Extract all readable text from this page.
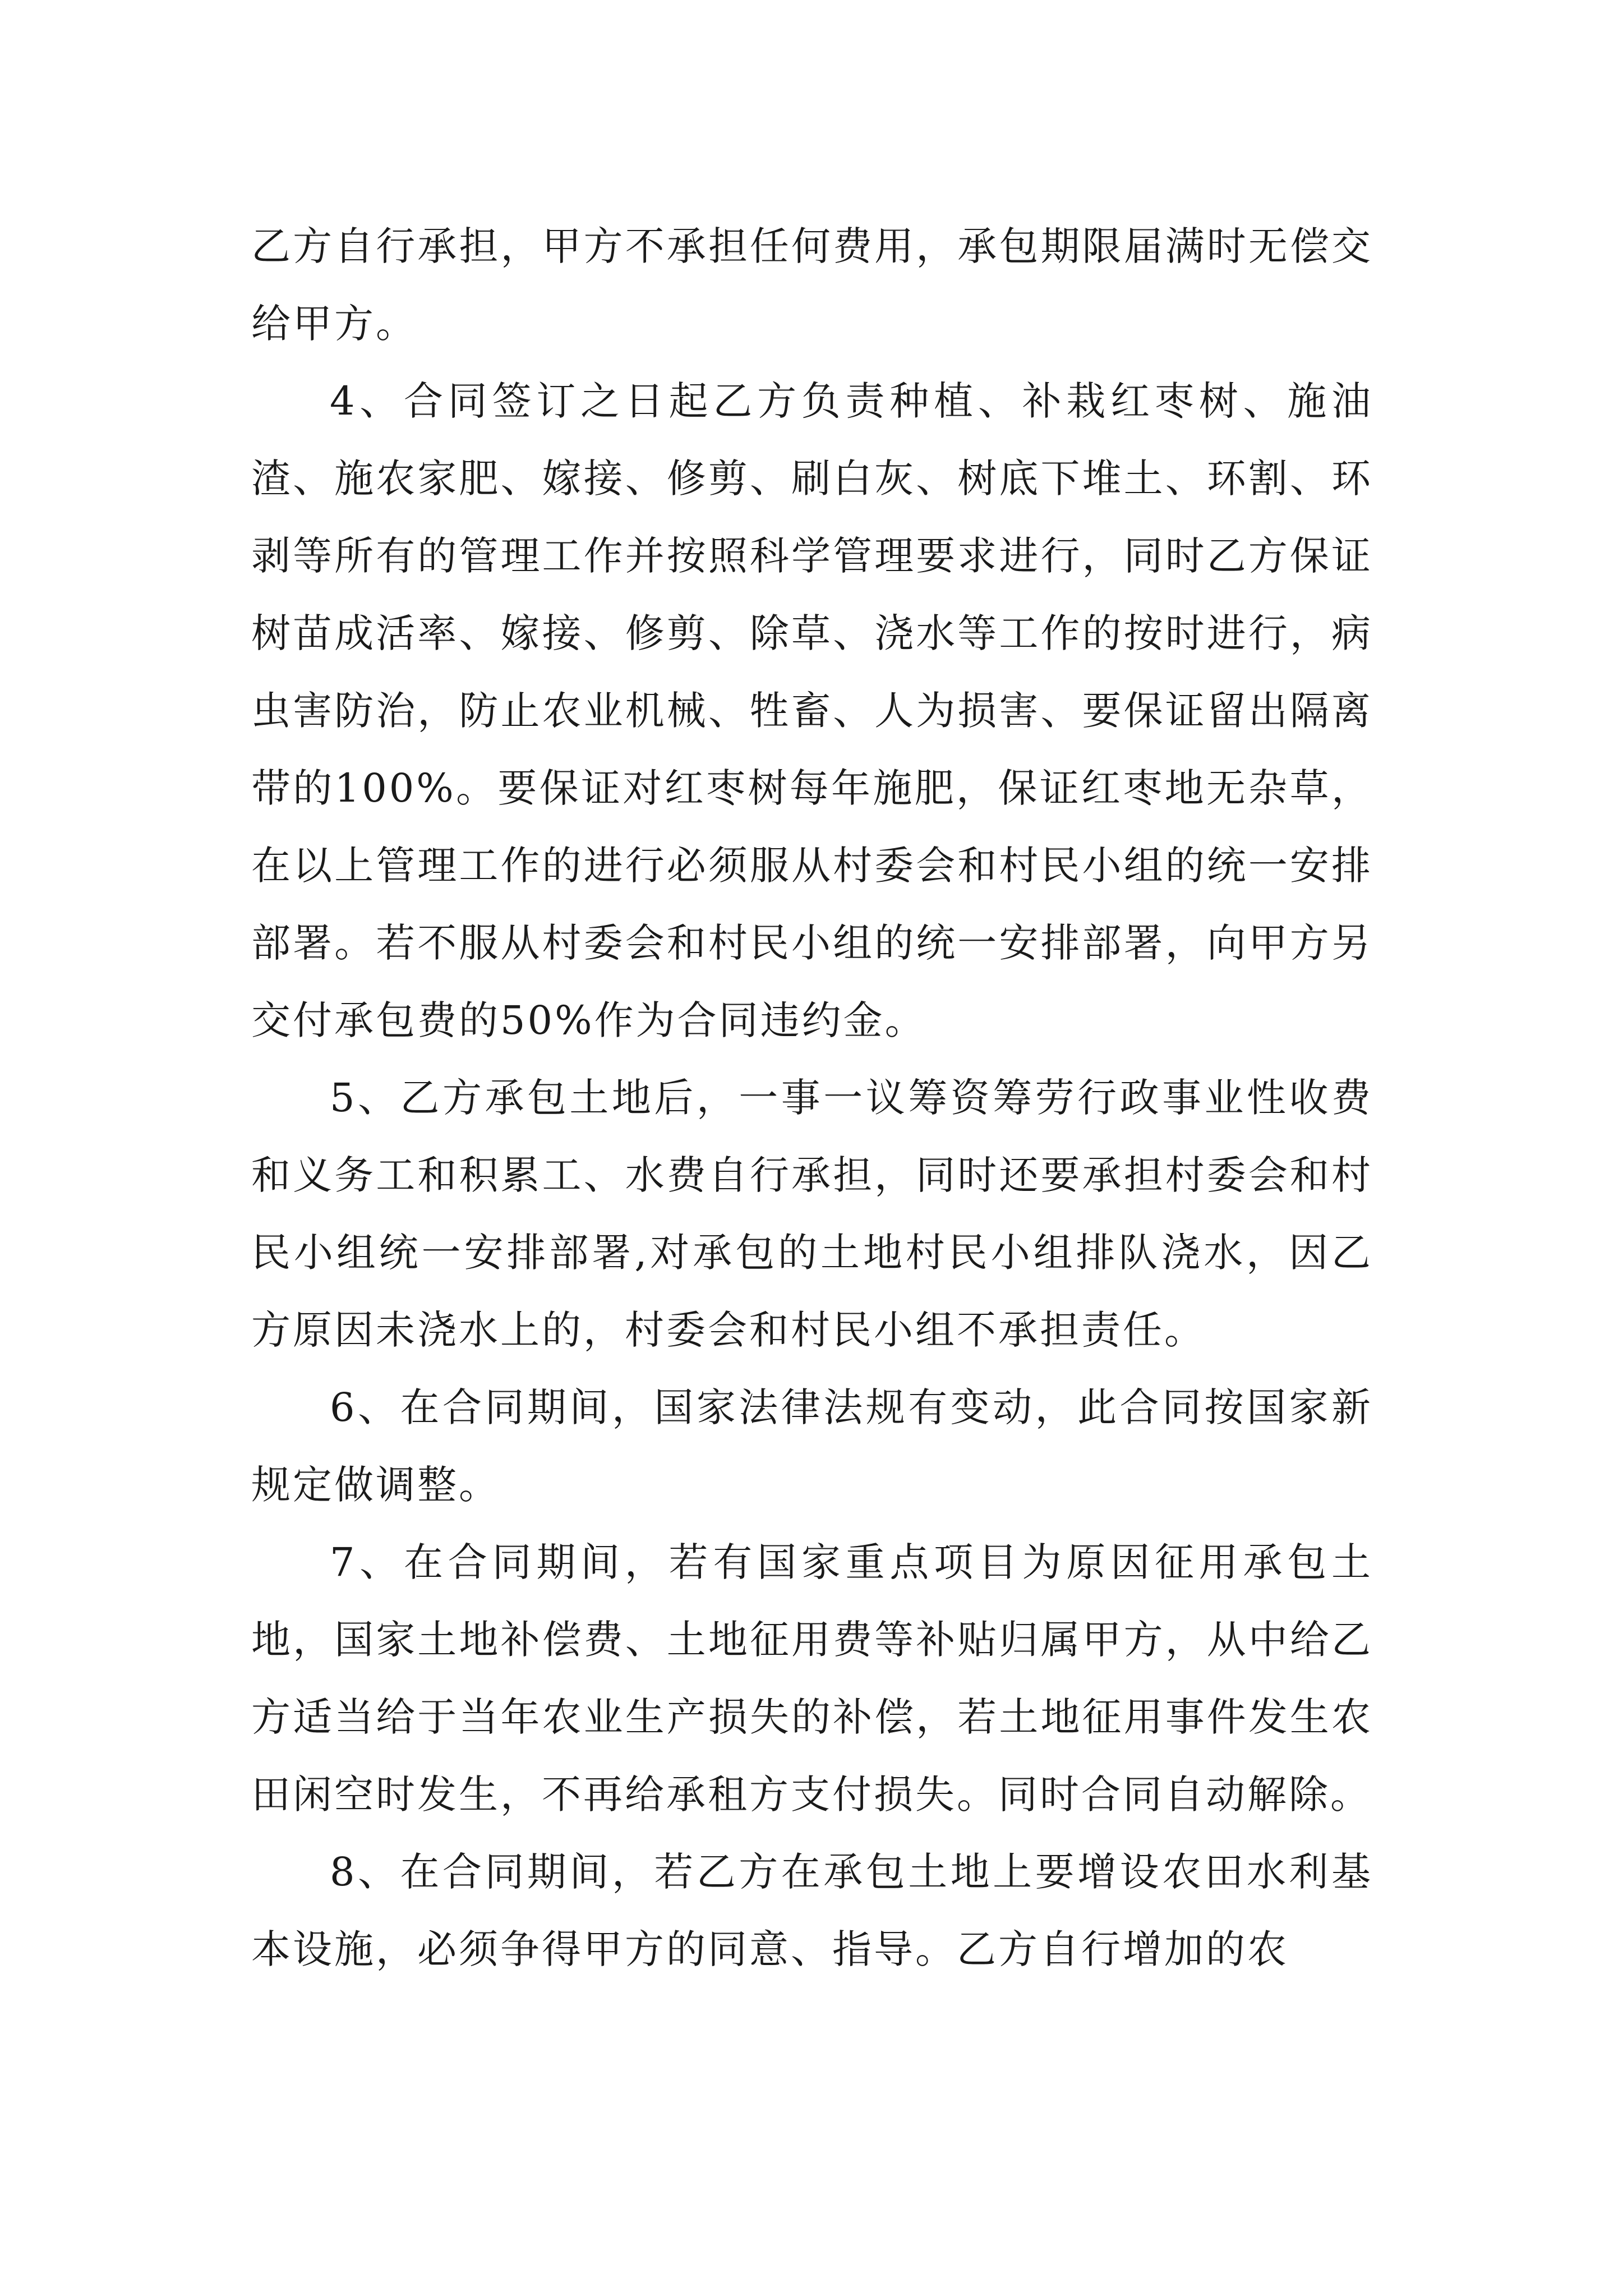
乙方自行承担，甲方不承担任何费用，承包期限届满时无偿交给甲方。

4、合同签订之日起乙方负责种植、补栽红枣树、施油渣、施农家肥、嫁接、修剪、刷白灰、树底下堆土、环割、环剥等所有的管理工作并按照科学管理要求进行，同时乙方保证树苗成活率、嫁接、修剪、除草、浇水等工作的按时进行，病虫害防治，防止农业机械、牲畜、人为损害、要保证留出隔离带的100%。要保证对红枣树每年施肥，保证红枣地无杂草，在以上管理工作的进行必须服从村委会和村民小组的统一安排部署。若不服从村委会和村民小组的统一安排部署，向甲方另交付承包费的50%作为合同违约金。

5、乙方承包土地后，一事一议筹资筹劳行政事业性收费和义务工和积累工、水费自行承担，同时还要承担村委会和村民小组统一安排部署,对承包的土地村民小组排队浇水，因乙方原因未浇水上的，村委会和村民小组不承担责任。

6、在合同期间，国家法律法规有变动，此合同按国家新规定做调整。

7、在合同期间，若有国家重点项目为原因征用承包土地，国家土地补偿费、土地征用费等补贴归属甲方，从中给乙方适当给于当年农业生产损失的补偿，若土地征用事件发生农田闲空时发生，不再给承租方支付损失。同时合同自动解除。

8、在合同期间，若乙方在承包土地上要增设农田水利基本设施，必须争得甲方的同意、指导。乙方自行增加的农
